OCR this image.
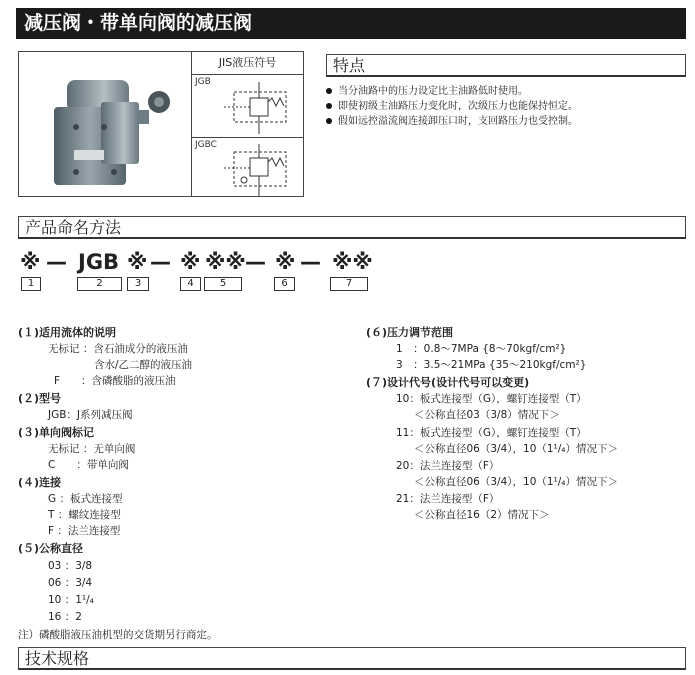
减压阀・带单向阀的减压阀
JIS液压符号
JGB
JGBC
特点
当分油路中的压力设定比主油路低时使用。
即使初级主油路压力变化时，次级压力也能保持恒定。
假如远控溢流阀连接卸压口时，支回路压力也受控制。
产品命名方法
※ — JGB ※ — ※ ※※ — ※ — ※※
1	2	3	4	5	6	7
(１)适用流体的说明
无标记 ：含石油成分的液压油
含水/乙二醇的液压油
F　　：含磷酸脂的液压油
(２)型号
JGB：J系列减压阀
(３)单向阀标记
无标记 ：无单向阀
C　　：带单向阀
(４)连接
G ：板式连接型
T ：螺纹连接型
F ：法兰连接型
(５)公称直径
03 ：3/8
06 ：3/4
10 ：1¹/₄
16 ：2
注）磷酸脂液压油机型的交货期另行商定。
(６)压力调节范围
1　：0.8～7MPa {8～70kgf/cm²}
3　：3.5～21MPa {35～210kgf/cm²}
(７)设计代号(设计代号可以变更)
10：板式连接型（G），螺钉连接型（T）
＜公称直径03（3/8）情况下＞
11：板式连接型（G），螺钉连接型（T）
＜公称直径06（3/4），10（1¹/₄）情况下＞
20：法兰连接型（F）
＜公称直径06（3/4），10（1¹/₄）情况下＞
21：法兰连接型（F）
＜公称直径16（2）情况下＞
技术规格
